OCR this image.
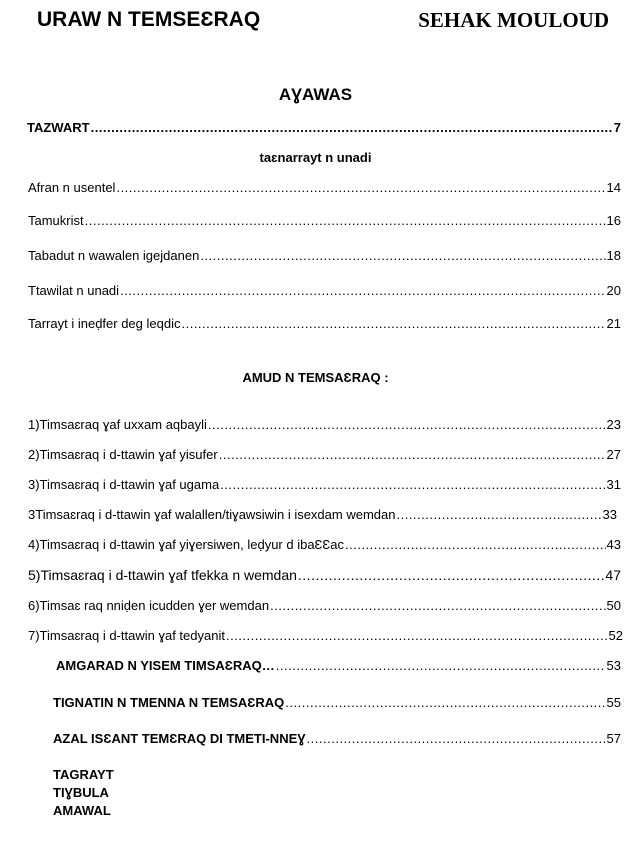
URAW N TEMSEƐRAQ	SEHAK MOULOUD
AƔAWAS
TAZWART .....	7
taɛnarrayt n unadi
Afran n usentel .....	14
Tamukrist .....	16
Tabadut n wawalen igejdanen .....	18
Ttawilat n unadi .....	20
Tarrayt i ineḍfer deg leqdic .....	21
AMUD N TEMSAƐRAQ :
1)Timsaɛraq ɣaf uxxam aqbayli .....	23
2)Timsaɛraq i d-ttawin ɣaf yisufer .....	27
3)Timsaɛraq i d-ttawin ɣaf ugama .....	31
3Timsaɛraq i d-ttawin ɣaf walallen/tiɣawsiwin i isexdam wemdan .....	33
4)Timsaɛraq i d-ttawin ɣaf yiɣersiwen, leḍyur d ibaƐƐac .....	43
5)Timsaɛraq i d-ttawin ɣaf tfekka n wemdan .....	47
6)Timsaɛ raq nniḍen icudden ɣer wemdan .....	50
7)Timsaɛraq i d-ttawin ɣaf tedyanit .....	52
AMGARAD N YISEM TIMSAƐRAQ… .....	53
TIGNATIN N TMENNA N TEMSAƐRAQ .....	55
AZAL ISƐANT TEMƐRAQ DI TMETI-NNEƔ .....	57
TAGRAYT
TIƔBULA
AMAWAL
